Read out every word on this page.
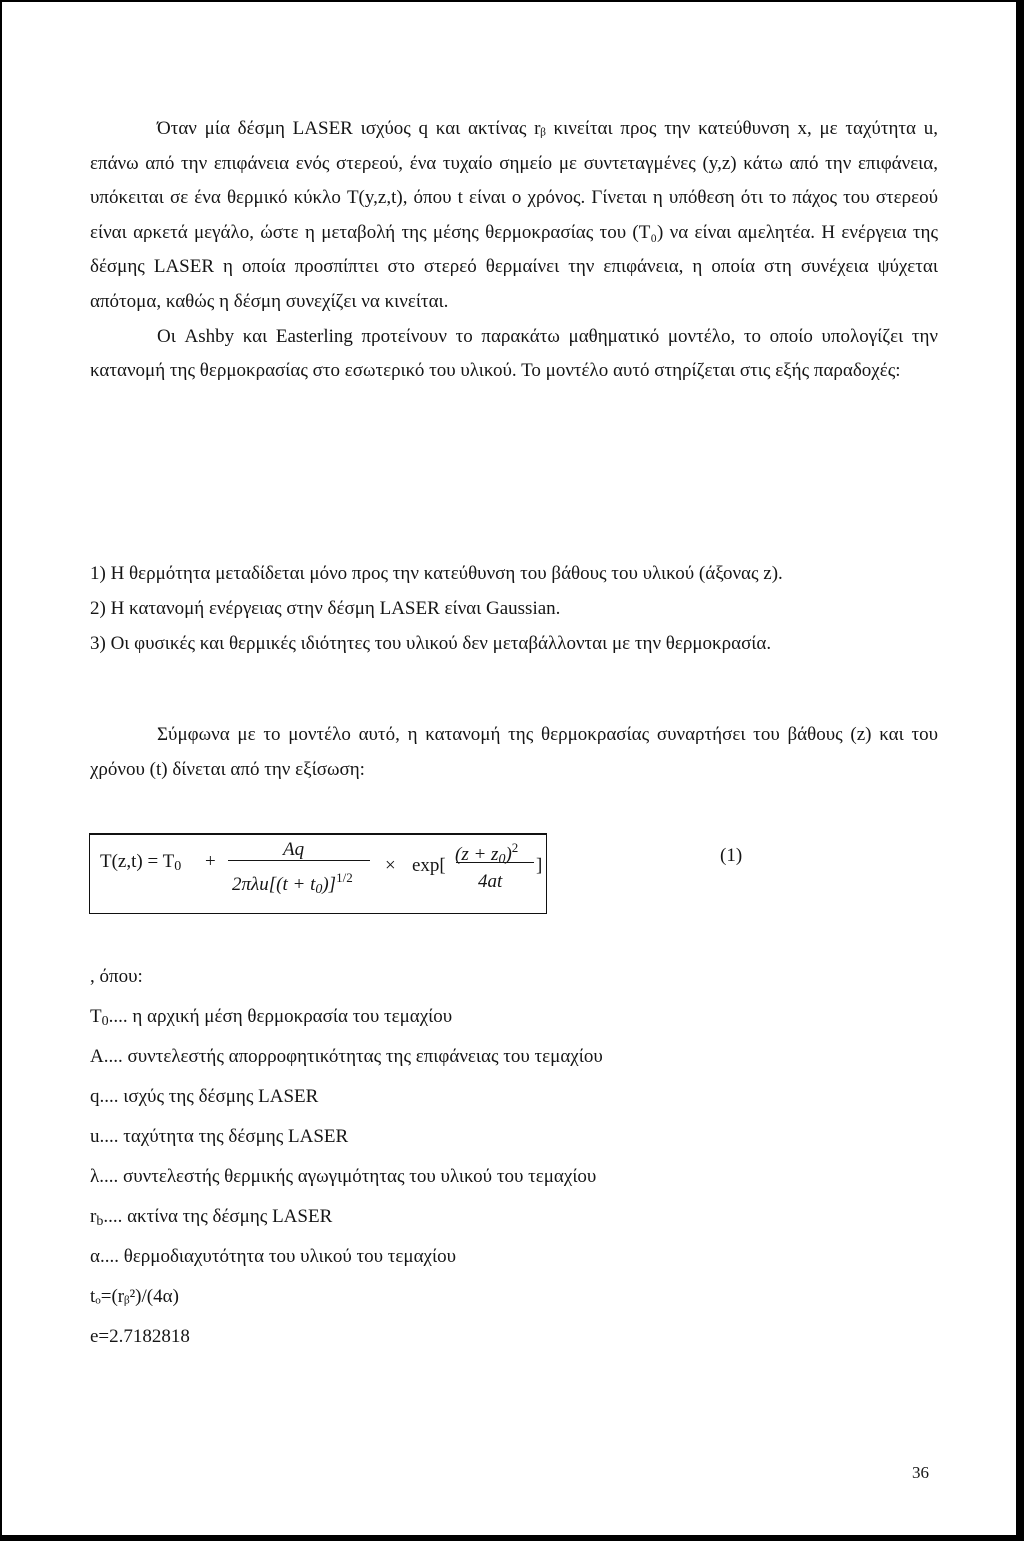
Όταν μία δέσμη LASER ισχύος q και ακτίνας rᵦ κινείται προς την κατεύθυνση x, με ταχύτητα u, επάνω από την επιφάνεια ενός στερεού, ένα τυχαίο σημείο με συντεταγμένες (y,z) κάτω από την επιφάνεια, υπόκειται σε ένα θερμικό κύκλο T(y,z,t), όπου t είναι ο χρόνος. Γίνεται η υπόθεση ότι το πάχος του στερεού είναι αρκετά μεγάλο, ώστε η μεταβολή της μέσης θερμοκρασίας του (T₀) να είναι αμελητέα. Η ενέργεια της δέσμης LASER η οποία προσπίπτει στο στερεό θερμαίνει την επιφάνεια, η οποία στη συνέχεια ψύχεται απότομα, καθώς η δέσμη συνεχίζει να κινείται.

Οι Ashby και Easterling προτείνουν το παρακάτω μαθηματικό μοντέλο, το οποίο υπολογίζει την κατανομή της θερμοκρασίας στο εσωτερικό του υλικού. Το μοντέλο αυτό στηρίζεται στις εξής παραδοχές:

1) Η θερμότητα μεταδίδεται μόνο προς την κατεύθυνση του βάθους του υλικού (άξονας z).
2) Η κατανομή ενέργειας στην δέσμη LASER είναι Gaussian.
3) Οι φυσικές και θερμικές ιδιότητες του υλικού δεν μεταβάλλονται με την θερμοκρασία.

Σύμφωνα με το μοντέλο αυτό, η κατανομή της θερμοκρασίας συναρτήσει του βάθους (z) και του χρόνου (t) δίνεται από την εξίσωση:

$T(z,t) = T_0$ +
Aq
$2\pi\lambda u[(t + t_0)]^{1/2}$
× exp[
$(z + z_0)^2$
4at
]	(1)
, όπου:
$T_0$.... η αρχική μέση θερμοκρασία του τεμαχίου
A.... συντελεστής απορροφητικότητας της επιφάνειας του τεμαχίου
q.... ισχύς της δέσμης LASER
u.... ταχύτητα της δέσμης LASER
λ.... συντελεστής θερμικής αγωγιμότητας του υλικού του τεμαχίου
$r_b$.... ακτίνα της δέσμης LASER
α.... θερμοδιαχυτότητα του υλικού του τεμαχίου
tₒ=(rᵦ²)/(4α)
e=2.7182818
36
